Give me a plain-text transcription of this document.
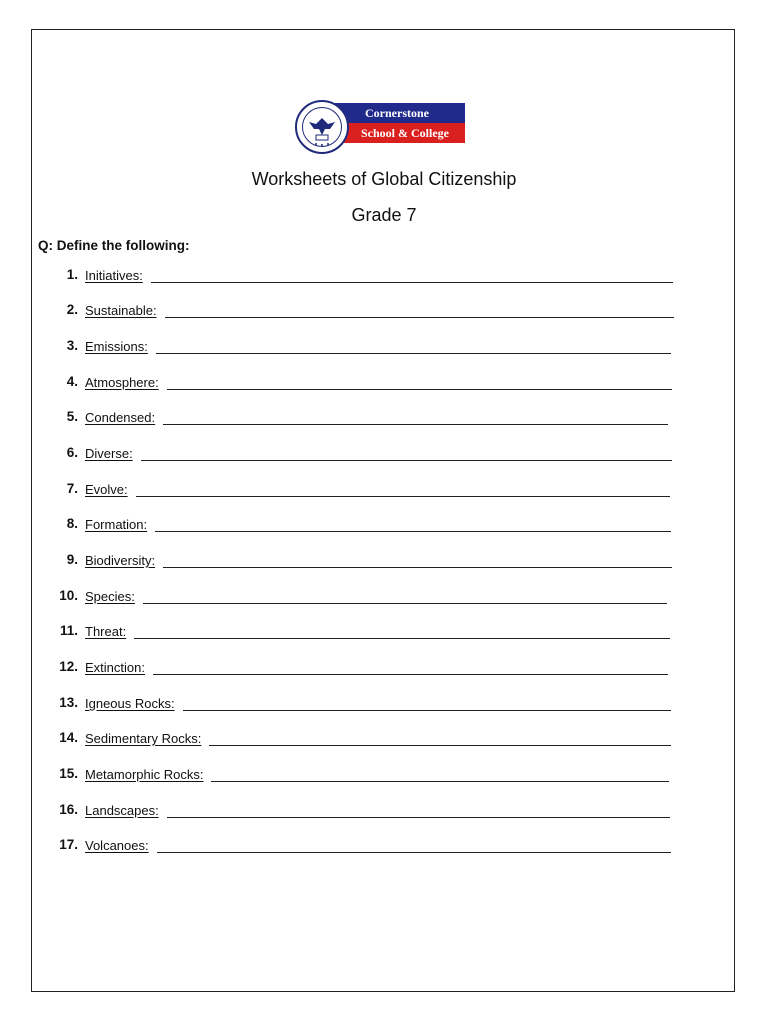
Cornerstone
School & College
Worksheets of Global Citizenship
Grade 7
Q: Define the following:
1. Initiatives:
2. Sustainable:
3. Emissions:
4. Atmosphere:
5. Condensed:
6. Diverse:
7. Evolve:
8. Formation:
9. Biodiversity:
10. Species:
11. Threat:
12. Extinction:
13. Igneous Rocks:
14. Sedimentary Rocks:
15. Metamorphic Rocks:
16. Landscapes:
17. Volcanoes:
